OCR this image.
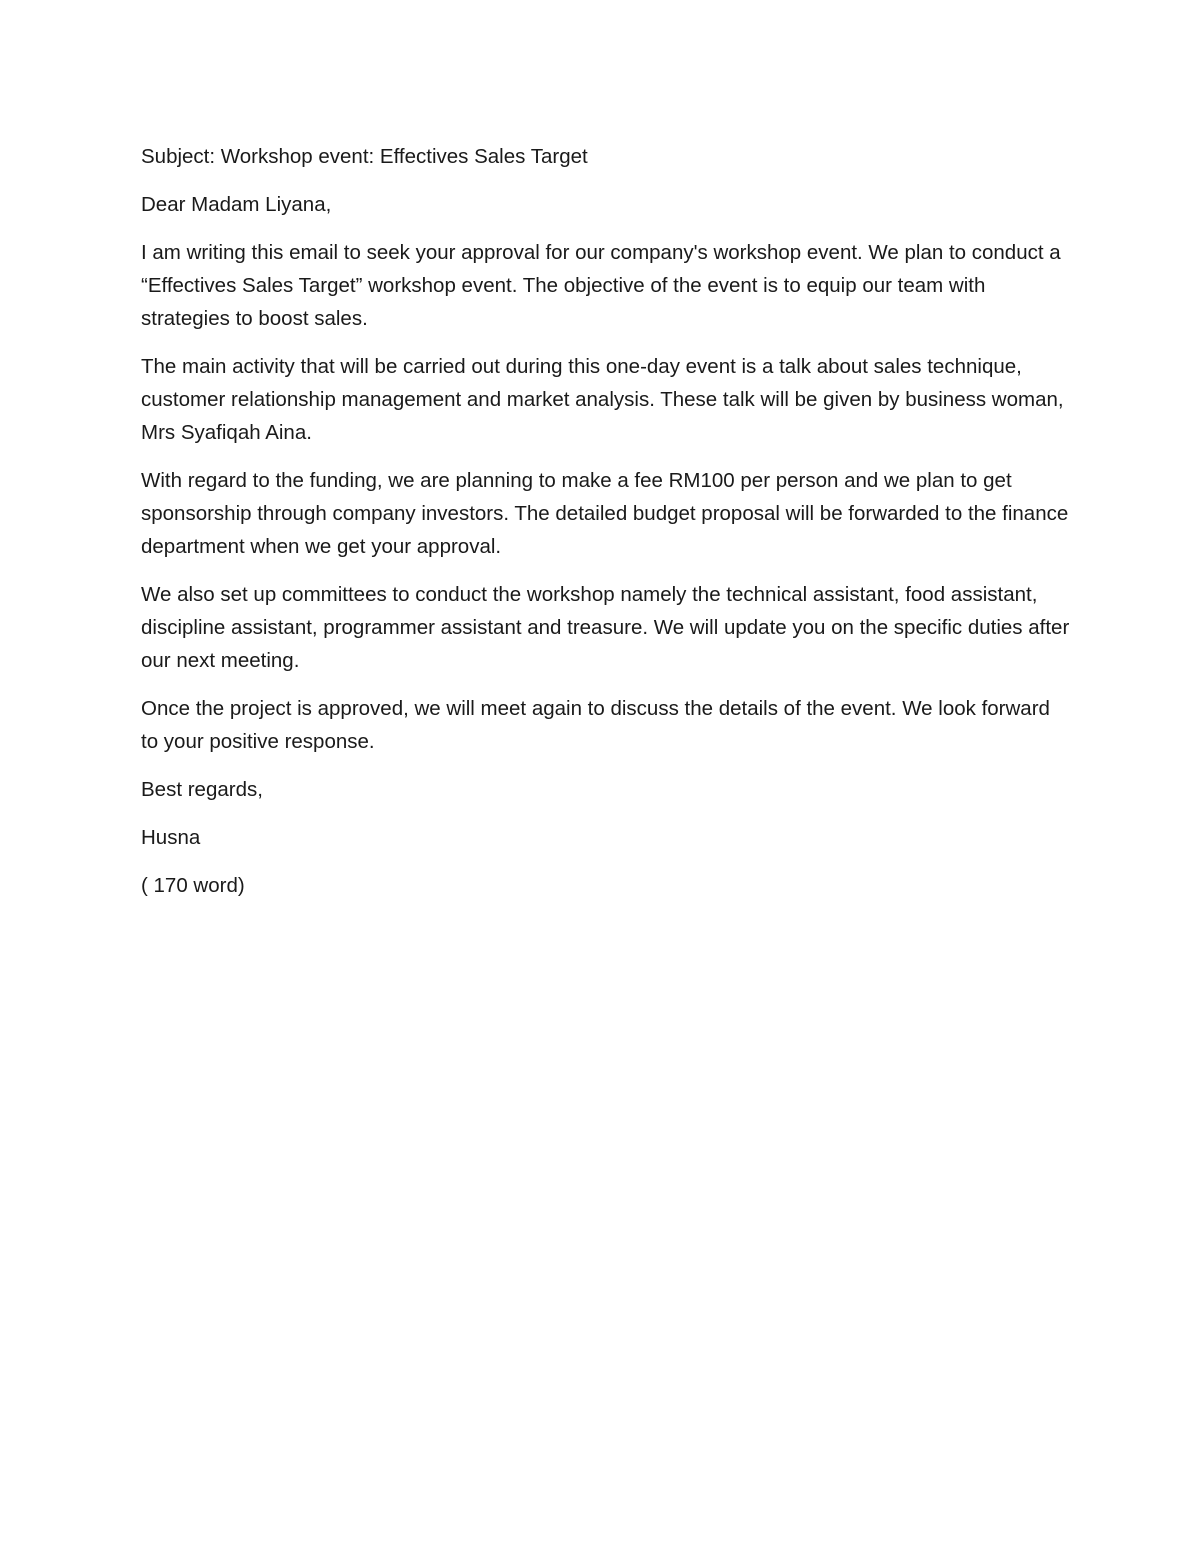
Subject: Workshop event: Effectives Sales Target

Dear Madam Liyana,

I am writing this email to seek your approval for our company's workshop event. We plan to conduct a “Effectives Sales Target” workshop event. The objective of the event is to equip our team with strategies to boost sales.

The main activity that will be carried out during this one-day event is a talk about sales technique, customer relationship management and market analysis. These talk will be given by business woman, Mrs Syafiqah Aina.

With regard to the funding, we are planning to make a fee RM100 per person and we plan to get sponsorship through company investors. The detailed budget proposal will be forwarded to the finance department when we get your approval.

We also set up committees to conduct the workshop namely the technical assistant, food assistant, discipline assistant, programmer assistant and treasure. We will update you on the specific duties after our next meeting.

Once the project is approved, we will meet again to discuss the details of the event. We look forward to your positive response.

Best regards,

Husna

( 170 word)
